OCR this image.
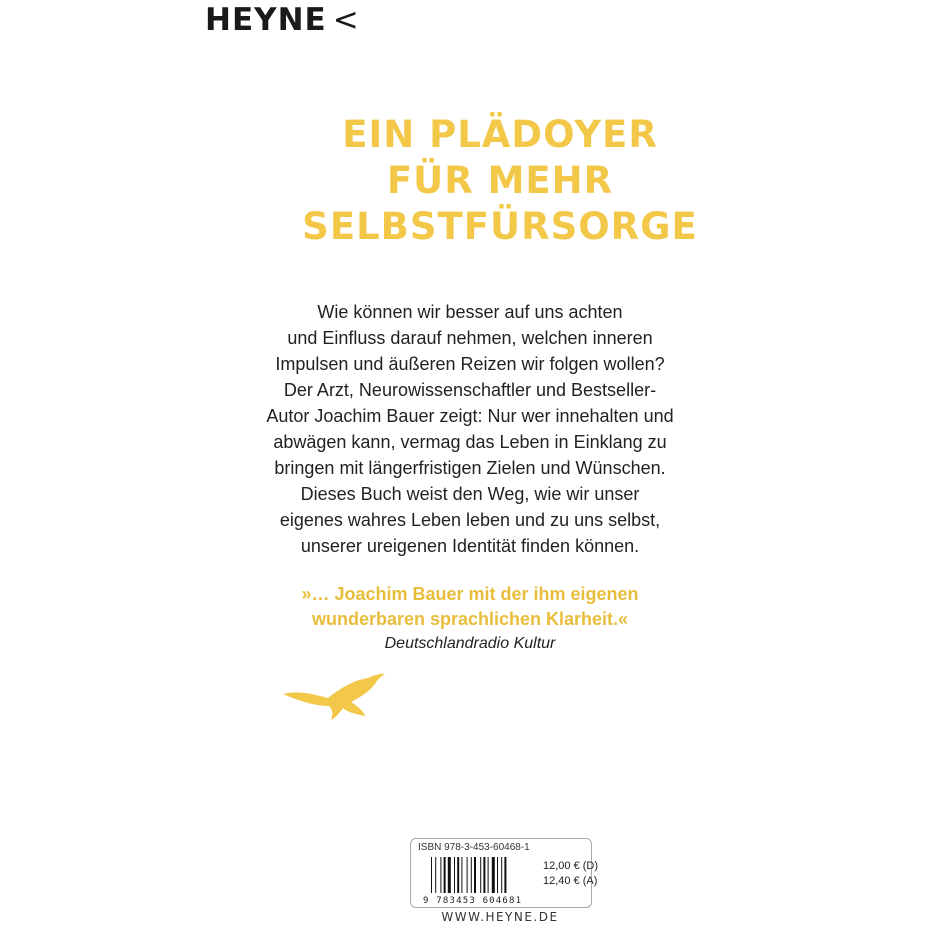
HEYNE <
EIN PLÄDOYER
FÜR MEHR
SELBSTFÜRSORGE
Wie können wir besser auf uns achten
und Einfluss darauf nehmen, welchen inneren
Impulsen und äußeren Reizen wir folgen wollen?
Der Arzt, Neurowissenschaftler und Bestseller-
Autor Joachim Bauer zeigt: Nur wer innehalten und
abwägen kann, vermag das Leben in Einklang zu
bringen mit längerfristigen Zielen und Wünschen.
Dieses Buch weist den Weg, wie wir unser
eigenes wahres Leben leben und zu uns selbst,
unserer ureigenen Identität finden können.
»… Joachim Bauer mit der ihm eigenen
wunderbaren sprachlichen Klarheit.«
Deutschlandradio Kultur
ISBN 978-3-453-60468-1
9 783453 604681
12,00 € (D)
12,40 € (A)
WWW.HEYNE.DE
